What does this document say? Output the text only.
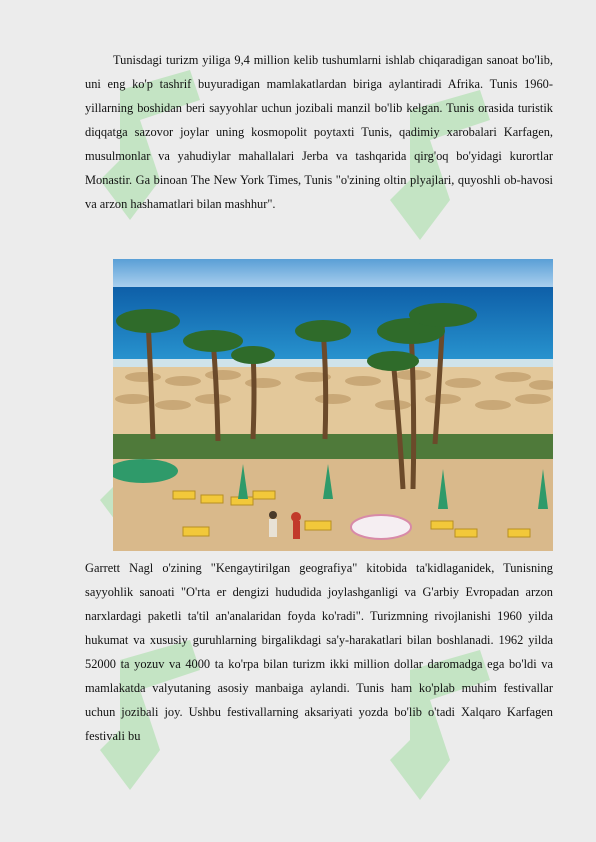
Tunisdagi turizm yiliga 9,4 million kelib tushumlarni ishlab chiqaradigan sanoat bo'lib, uni eng ko'p tashrif buyuradigan mamlakatlardan biriga aylantiradi Afrika. Tunis 1960-yillarning boshidan beri sayyohlar uchun jozibali manzil bo'lib kelgan. Tunis orasida turistik diqqatga sazovor joylar uning kosmopolit poytaxti Tunis, qadimiy xarobalari Karfagen, musulmonlar va yahudiylar mahallalari Jerba va tashqarida qirg'oq bo'yidagi kurortlar Monastir. Ga binoan The New York Times, Tunis "o'zining oltin plyajlari, quyoshli ob-havosi va arzon hashamatlari bilan mashhur".

Garrett Nagl o'zining "Kengaytirilgan geografiya" kitobida ta'kidlaganidek, Tunisning sayyohlik sanoati "O'rta er dengizi hududida joylashganligi va G'arbiy Evropadan arzon narxlardagi paketli ta'til an'analaridan foyda ko'radi". Turizmning rivojlanishi 1960 yilda hukumat va xususiy guruhlarning birgalikdagi sa'y-harakatlari bilan boshlanadi. 1962 yilda 52000 ta yozuv va 4000 ta ko'rpa bilan turizm ikki million dollar daromadga ega bo'ldi va mamlakatda valyutaning asosiy manbaiga aylandi. Tunis ham ko'plab muhim festivallar uchun jozibali joy. Ushbu festivallarning aksariyati yozda bo'lib o'tadi Xalqaro Karfagen festivali bu
